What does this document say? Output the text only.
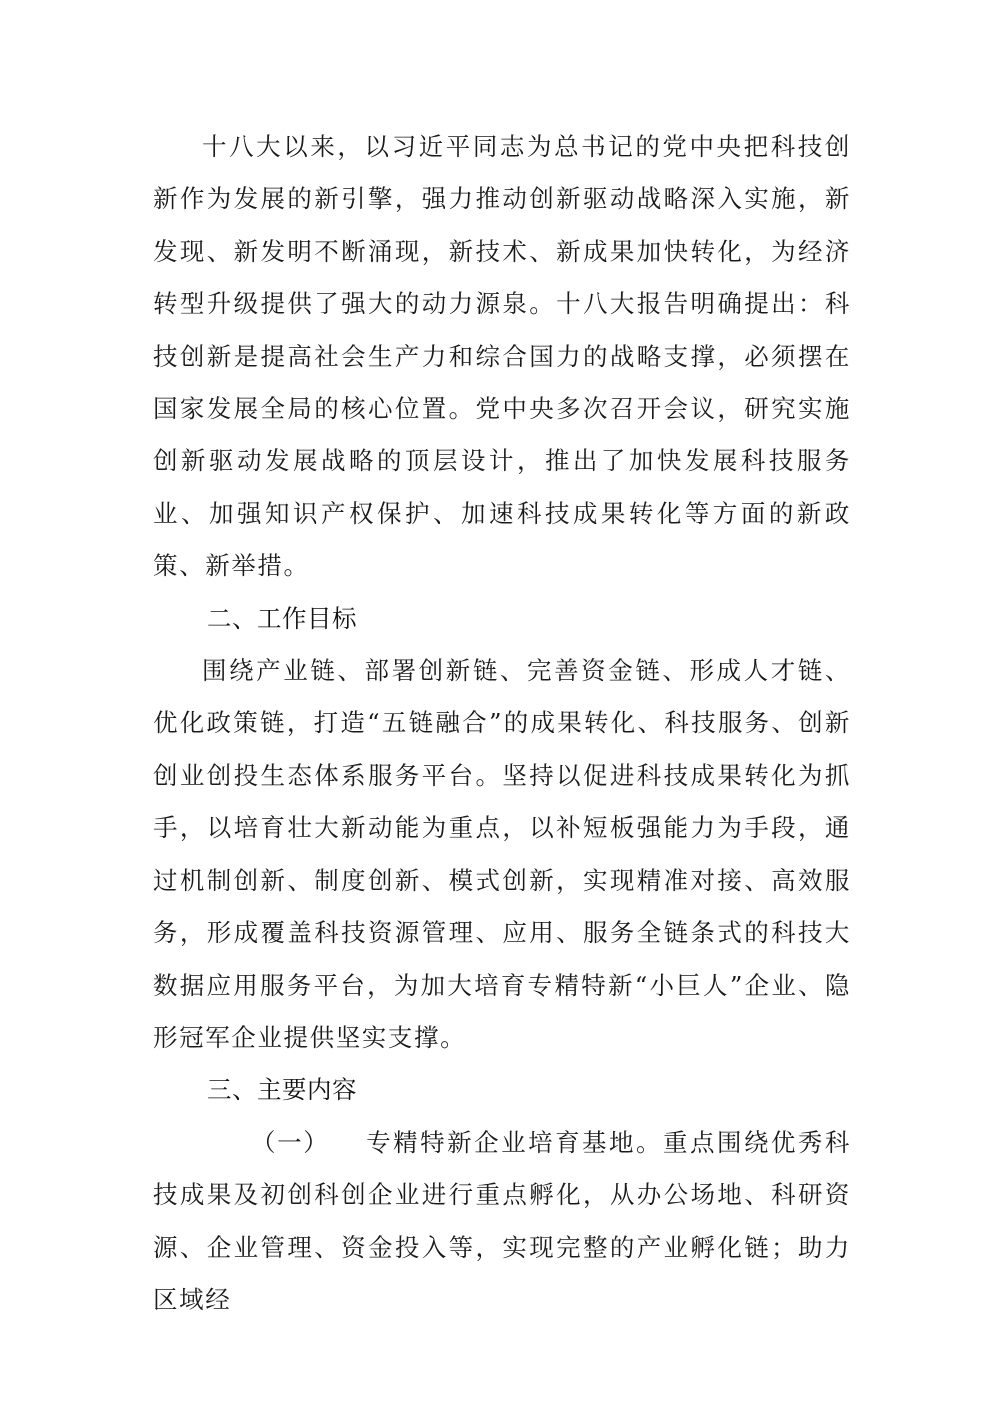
十八大以来，以习近平同志为总书记的党中央把科技创新作为发展的新引擎，强力推动创新驱动战略深入实施，新发现、新发明不断涌现，新技术、新成果加快转化，为经济转型升级提供了强大的动力源泉。十八大报告明确提出：科技创新是提高社会生产力和综合国力的战略支撑，必须摆在国家发展全局的核心位置。党中央多次召开会议，研究实施创新驱动发展战略的顶层设计，推出了加快发展科技服务业、加强知识产权保护、加速科技成果转化等方面的新政策、新举措。

二、工作目标

围绕产业链、部署创新链、完善资金链、形成人才链、优化政策链，打造“五链融合”的成果转化、科技服务、创新创业创投生态体系服务平台。坚持以促进科技成果转化为抓手，以培育壮大新动能为重点，以补短板强能力为手段，通过机制创新、制度创新、模式创新，实现精准对接、高效服务，形成覆盖科技资源管理、应用、服务全链条式的科技大数据应用服务平台，为加大培育专精特新“小巨人”企业、隐形冠军企业提供坚实支撑。

三、主要内容

（一） 专精特新企业培育基地。重点围绕优秀科技成果及初创科创企业进行重点孵化，从办公场地、科研资源、企业管理、资金投入等，实现完整的产业孵化链；助力区域经
